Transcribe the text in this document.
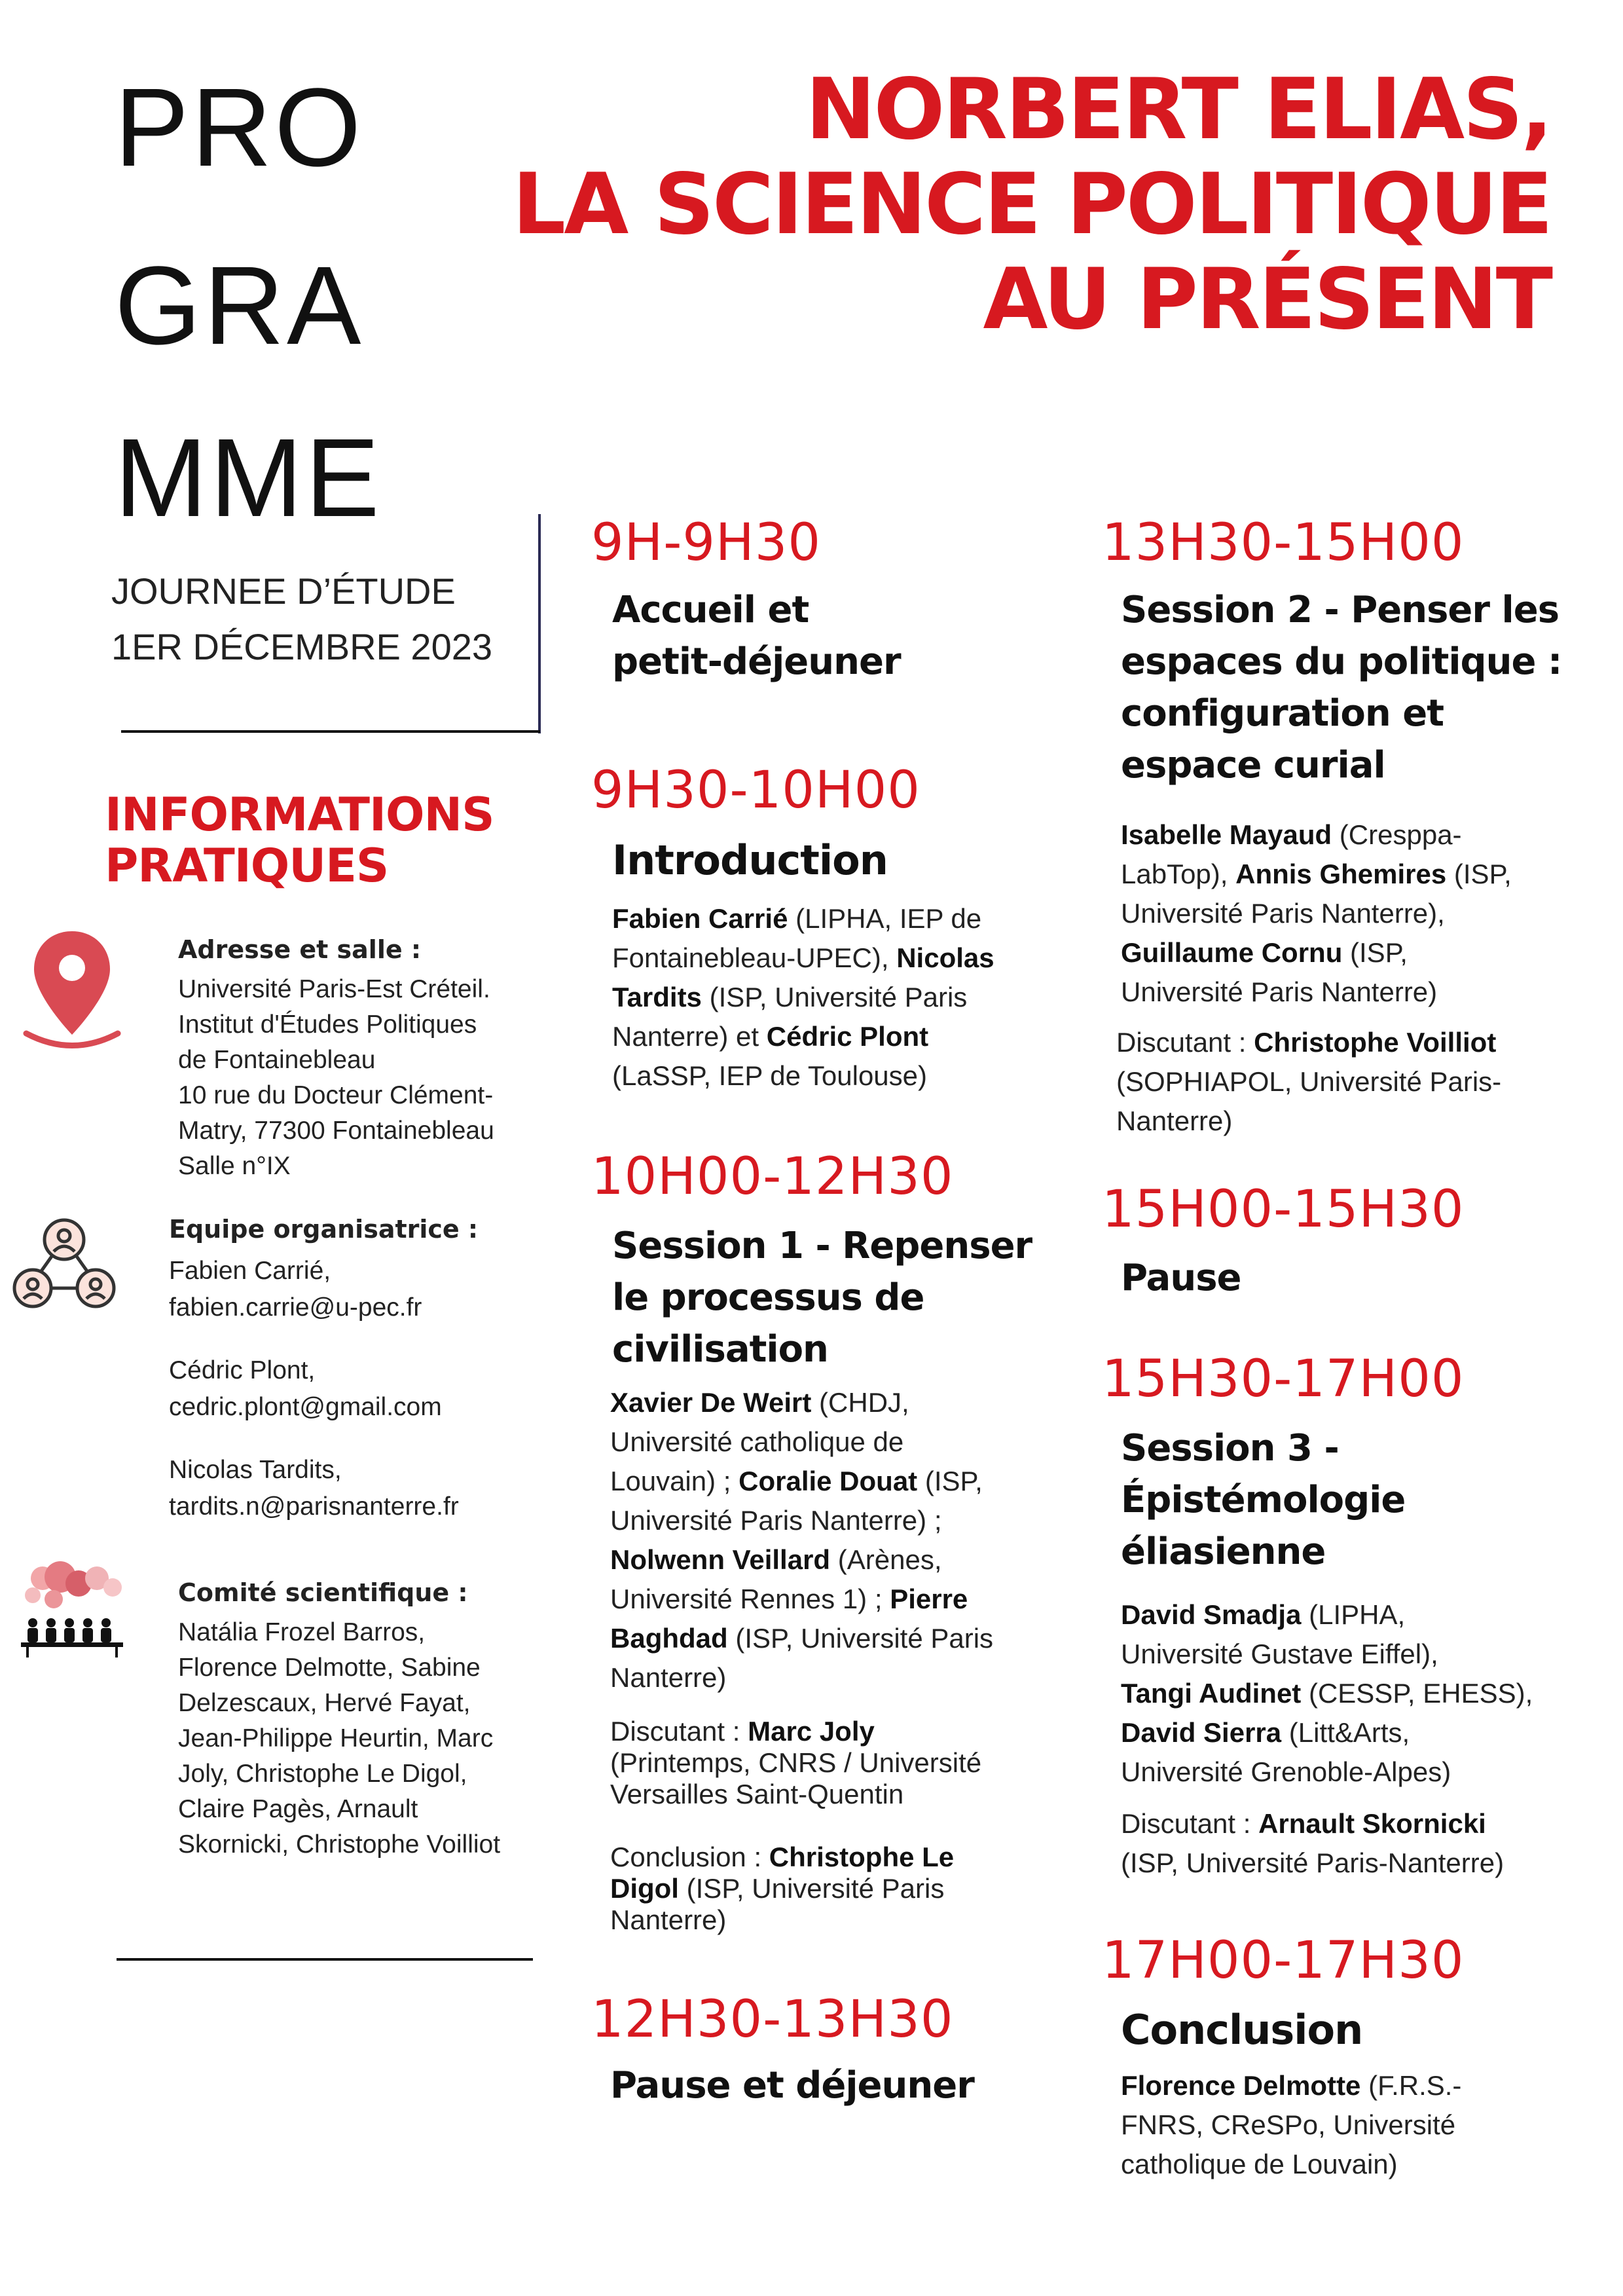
PRO
GRA
MME
NORBERT ELIAS,
LA SCIENCE POLITIQUE
AU PRÉSENT
JOURNEE D’ÉTUDE
1ER DÉCEMBRE 2023
INFORMATIONS
PRATIQUES
Adresse et salle :
Université Paris-Est Créteil.
Institut d'Études Politiques
de Fontainebleau
10 rue du Docteur Clément-
Matry, 77300 Fontainebleau
Salle n°IX
Equipe organisatrice :
Fabien Carrié,
fabien.carrie@u-pec.fr

Cédric Plont,
cedric.plont@gmail.com

Nicolas Tardits,
tardits.n@parisnanterre.fr
Comité scientifique :
Natália Frozel Barros,
Florence Delmotte, Sabine
Delzescaux, Hervé Fayat,
Jean-Philippe Heurtin, Marc
Joly, Christophe Le Digol,
Claire Pagès, Arnault
Skornicki, Christophe Voilliot
9H-9H30
Accueil et
petit-déjeuner
9H30-10H00
Introduction
Fabien Carrié (LIPHA, IEP de
Fontainebleau-UPEC), Nicolas
Tardits (ISP, Université Paris
Nanterre) et Cédric Plont
(LaSSP, IEP de Toulouse)
10H00-12H30
Session 1 - Repenser
le processus de
civilisation
Xavier De Weirt (CHDJ,
Université catholique de
Louvain) ; Coralie Douat (ISP,
Université Paris Nanterre) ;
Nolwenn Veillard (Arènes,
Université Rennes 1) ; Pierre
Baghdad (ISP, Université Paris
Nanterre)
Discutant : Marc Joly
(Printemps, CNRS / Université
Versailles Saint-Quentin
Conclusion : Christophe Le
Digol (ISP, Université Paris
Nanterre)
12H30-13H30
Pause et déjeuner
13H30-15H00
Session 2 - Penser les
espaces du politique :
configuration et
espace curial
Isabelle Mayaud (Cresppa-
LabTop), Annis Ghemires (ISP,
Université Paris Nanterre),
Guillaume Cornu (ISP,
Université Paris Nanterre)
Discutant : Christophe Voilliot
(SOPHIAPOL, Université Paris-
Nanterre)
15H00-15H30
Pause
15H30-17H00
Session 3 -
Épistémologie
éliasienne
David Smadja (LIPHA,
Université Gustave Eiffel),
Tangi Audinet (CESSP, EHESS),
David Sierra (Litt&Arts,
Université Grenoble-Alpes)
Discutant : Arnault Skornicki
(ISP, Université Paris-Nanterre)
17H00-17H30
Conclusion
Florence Delmotte (F.R.S.-
FNRS, CReSPo, Université
catholique de Louvain)
